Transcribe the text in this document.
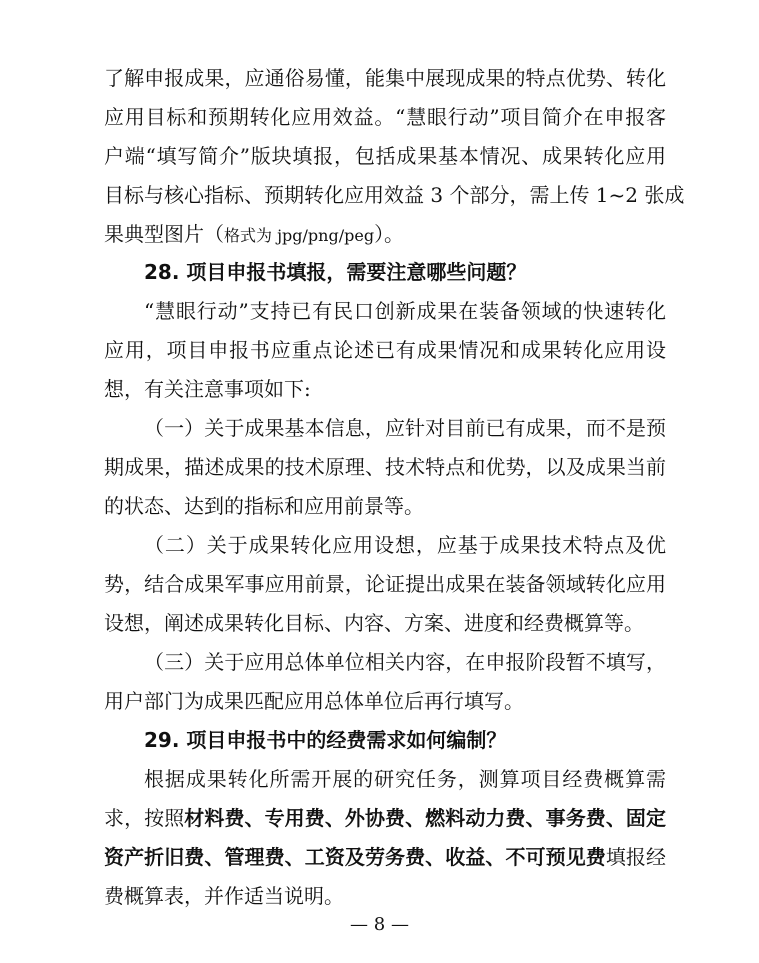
了解申报成果，应通俗易懂，能集中展现成果的特点优势、转化
应用目标和预期转化应用效益。“慧眼行动”项目简介在申报客
户端“填写简介”版块填报，包括成果基本情况、成果转化应用
目标与核心指标、预期转化应用效益 3 个部分，需上传 1~2 张成
果典型图片（格式为 jpg/png/peg）。
28. 项目申报书填报，需要注意哪些问题？
“慧眼行动”支持已有民口创新成果在装备领域的快速转化
应用，项目申报书应重点论述已有成果情况和成果转化应用设
想，有关注意事项如下:
（一）关于成果基本信息，应针对目前已有成果，而不是预
期成果，描述成果的技术原理、技术特点和优势，以及成果当前
的状态、达到的指标和应用前景等。
（二）关于成果转化应用设想，应基于成果技术特点及优
势，结合成果军事应用前景，论证提出成果在装备领域转化应用
设想，阐述成果转化目标、内容、方案、进度和经费概算等。
（三）关于应用总体单位相关内容，在申报阶段暂不填写，
用户部门为成果匹配应用总体单位后再行填写。
29. 项目申报书中的经费需求如何编制？
根据成果转化所需开展的研究任务，测算项目经费概算需
求，按照材料费、专用费、外协费、燃料动力费、事务费、固定
资产折旧费、管理费、工资及劳务费、收益、不可预见费填报经
费概算表，并作适当说明。
— 8 —
